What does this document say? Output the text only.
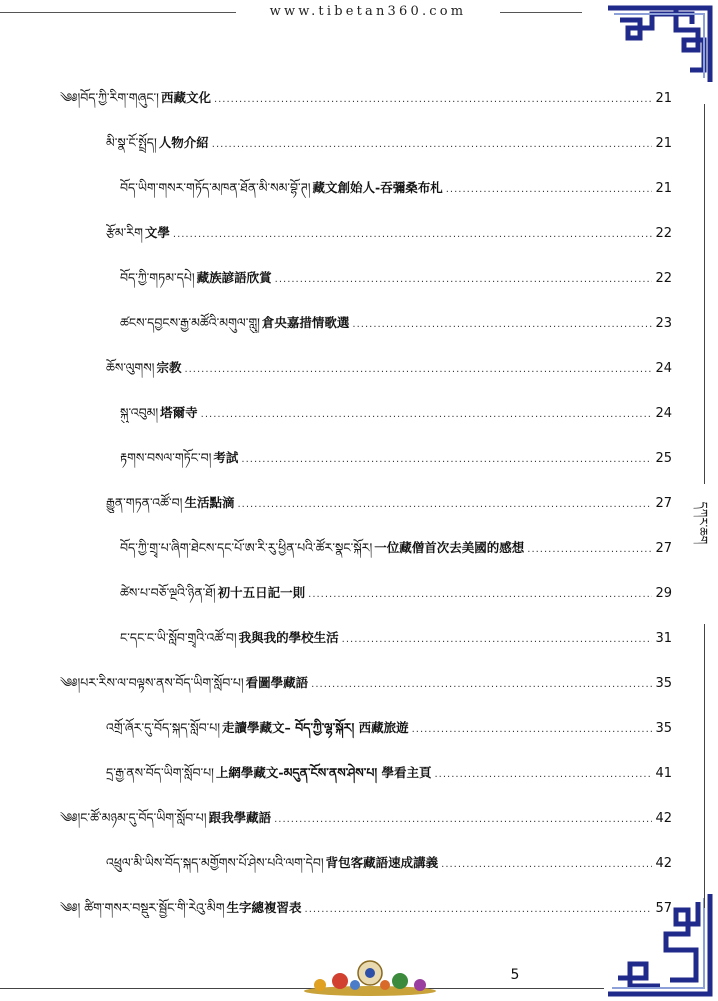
www.tibetan360.com
༄༅།བོད་ཀྱི་རིག་གཞུང་། 西藏文化 .....	21
མི་སྣ་ངོ་སྤྲོད། 人物介紹 .....	21
བོད་ཡིག་གསར་གཏོད་མཁན་ཐོན་མི་སམ་བྷོ་ཊ། 藏文創始人-吞彌桑布札 .....	21
རྩོམ་རིག 文學 .....	22
བོད་ཀྱི་གཏམ་དཔེ། 藏族諺語欣賞 .....	22
ཚངས་དབྱངས་རྒྱ་མཚོའི་མགུལ་གླུ། 倉央嘉措情歌選 .....	23
ཆོས་ལུགས། 宗教 .....	24
སྐུ་འབུམ། 塔爾寺 .....	24
རྟགས་བསལ་གཏོང་བ། 考試 .....	25
རྒྱུན་གཏན་འཚོ་བ། 生活點滴 .....	27
བོད་ཀྱི་གྲྭ་པ་ཞིག་ཐེངས་དང་པོ་ཨ་རི་རུ་ཕྱིན་པའི་ཚོར་སྣང་སྐོར། 一位藏僧首次去美國的感想 .....	27
ཚེས་པ་བཅོ་ལྔའི་ཉིན་ཐོ། 初十五日記一則 .....	29
ང་དང་ང་ཡི་སློབ་གྲྭའི་འཚོ་བ། 我與我的學校生活 .....	31
༄༅།པར་རིས་ལ་བལྟས་ནས་བོད་ཡིག་སློབ་པ། 看圖學藏語 .....	35
འགྲོ་ཞོར་དུ་བོད་སྐད་སློབ་པ། 走讀學藏文– བོད་ཀྱི་ལྷ་སྐོར། 西藏旅遊 .....	35
དྲ་རྒྱ་ནས་བོད་ཡིག་སློབ་པ། 上網學藏文-མདུན་ངོས་ནས་ཤེས་པ། 學看主頁 .....	41
༄༅།ང་ཚོ་མཉམ་དུ་བོད་ཡིག་སློབ་པ། 跟我學藏語 .....	42
འཕྲུལ་མི་ཡིས་བོད་སྐད་མགྱོགས་པོ་ཤེས་པའི་ལག་དེབ། 背包客藏語速成講義 .....	42
༄༅། ཚིག་གསར་བསྡུར་སྦྱོང་གི་རེའུ་མིག 生字總複習表 .....	57
དཀར་ཆག
5
